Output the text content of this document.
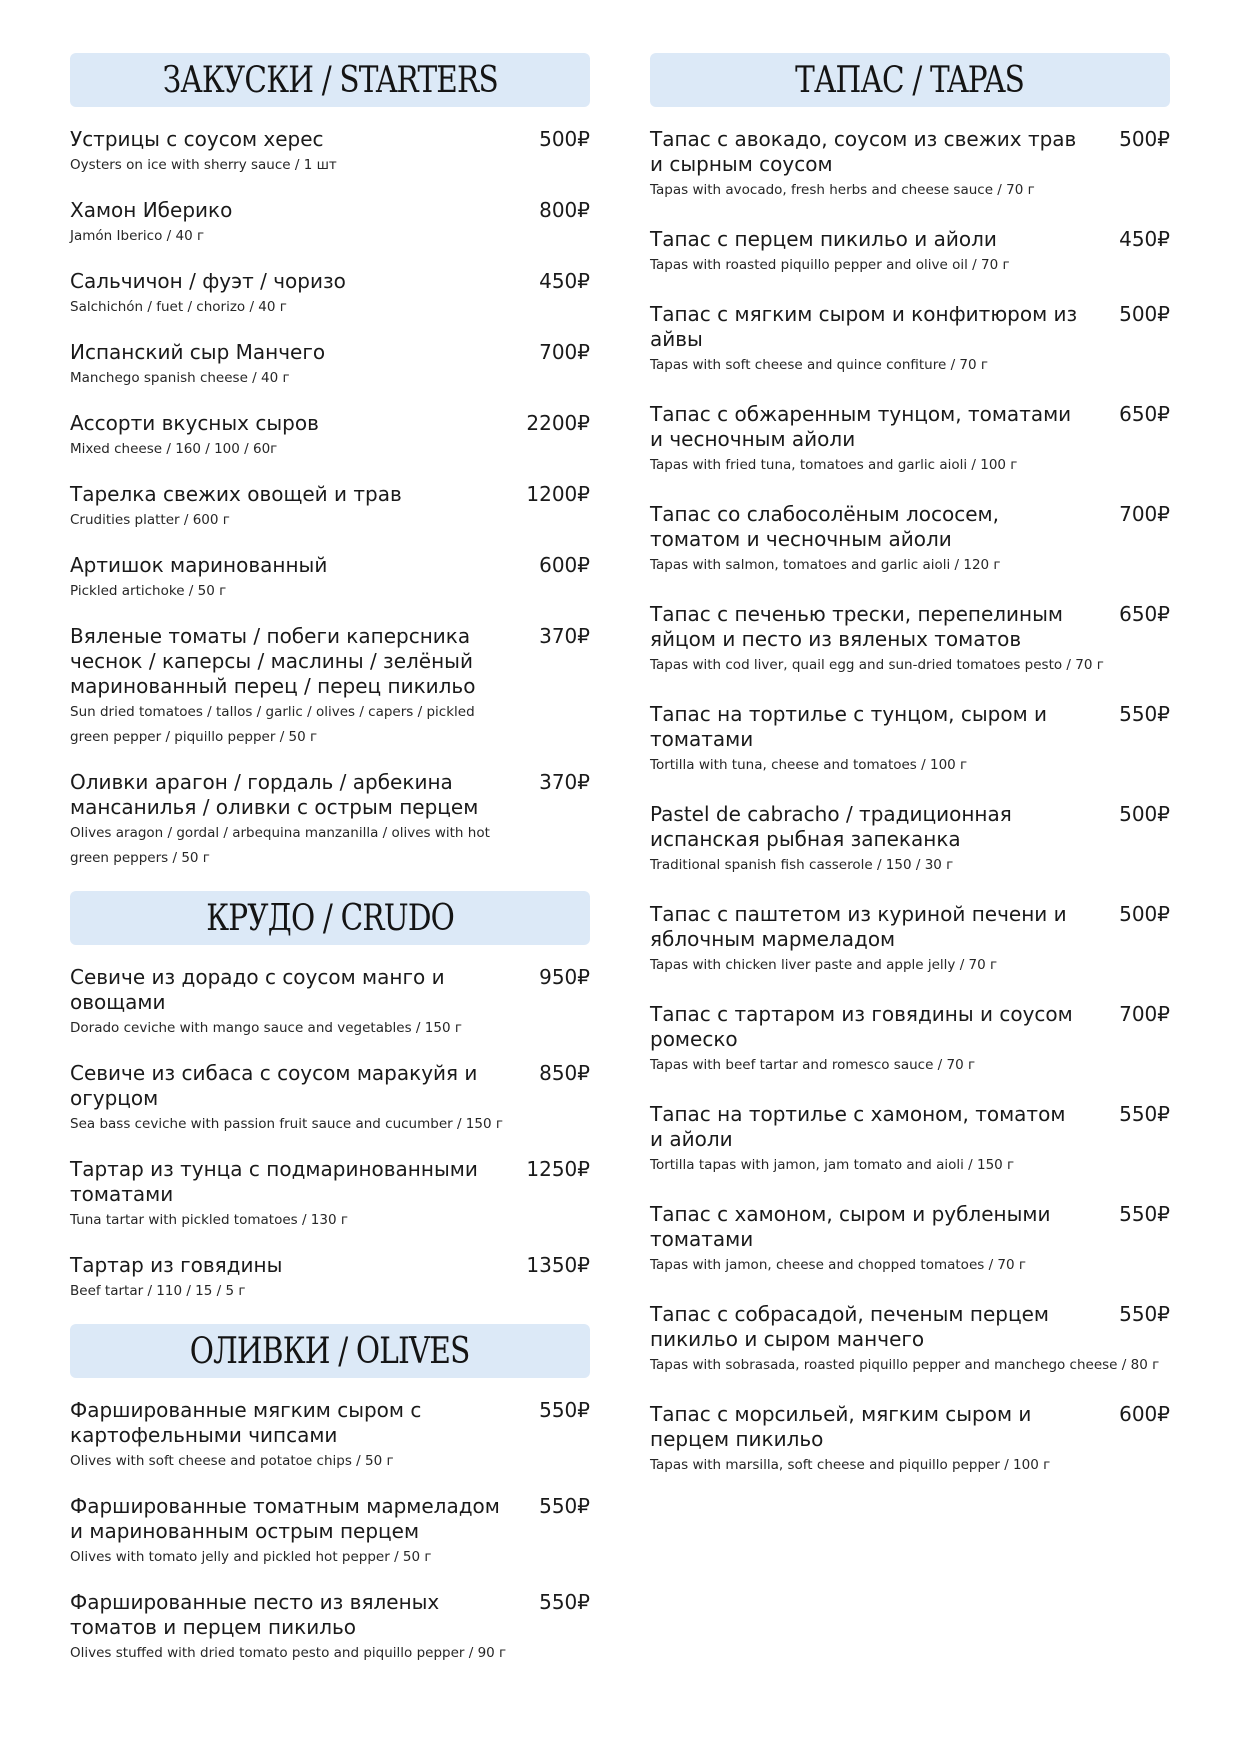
ЗАКУСКИ / STARTERS
Устрицы с соусом херес
Oysters on ice with sherry sauce / 1 шт
500₽
Хамон Иберико
Jamón Iberico / 40 г
800₽
Сальчичон / фуэт / чоризо
Salchichón / fuet / chorizo / 40 г
450₽
Испанский сыр Манчего
Manchego spanish cheese / 40 г
700₽
Ассорти вкусных сыров
Mixed cheese / 160 / 100 / 60г
2200₽
Тарелка свежих овощей и трав
Crudities platter / 600 г
1200₽
Артишок маринованный
Pickled artichoke / 50 г
600₽
Вяленые томаты / побеги каперсника чеснок / каперсы / маслины / зелёный маринованный перец / перец пикильо
Sun dried tomatoes / tallos / garlic / olives / capers / pickled green pepper / piquillo pepper / 50 г
370₽
Оливки арагон / гордаль / арбекина мансанилья / оливки с острым перцем
Olives aragon / gordal / arbequina manzanilla / olives with hot green peppers / 50 г
370₽
КРУДО / CRUDO
Севиче из дорадо с соусом манго и овощами
Dorado ceviche with mango sauce and vegetables / 150 г
950₽
Севиче из сибаса с соусом маракуйя и огурцом
Sea bass ceviche with passion fruit sauce and cucumber / 150 г
850₽
Тартар из тунца с подмаринованными томатами
Tuna tartar with pickled tomatoes / 130 г
1250₽
Тартар из говядины
Beef tartar / 110 / 15 / 5 г
1350₽
ОЛИВКИ / OLIVES
Фаршированные мягким сыром с картофельными чипсами
Olives with soft cheese and potatoe chips / 50 г
550₽
Фаршированные томатным мармеладом и маринованным острым перцем
Olives with tomato jelly and pickled hot pepper / 50 г
550₽
Фаршированные песто из вяленых томатов и перцем пикильо
Olives stuffed with dried tomato pesto and piquillo pepper / 90 г
550₽
ТАПАС / TAPAS
Тапас с авокадо, соусом из свежих трав и сырным соусом
Tapas with avocado, fresh herbs and cheese sauce / 70 г
500₽
Тапас с перцем пикильо и айоли
Tapas with roasted piquillo pepper and olive oil / 70 г
450₽
Тапас с мягким сыром и конфитюром из айвы
Tapas with soft cheese and quince confiture / 70 г
500₽
Тапас с обжаренным тунцом, томатами и чесночным айоли
Tapas with fried tuna, tomatoes and garlic aioli / 100 г
650₽
Тапас со слабосолёным лососем, томатом и чесночным айоли
Tapas with salmon, tomatoes and garlic aioli / 120 г
700₽
Тапас с печенью трески, перепелиным яйцом и песто из вяленых томатов
Tapas with cod liver, quail egg and sun-dried tomatoes pesto / 70 г
650₽
Тапас на тортилье с тунцом, сыром и томатами
Tortilla with tuna, cheese and tomatoes / 100 г
550₽
Pastel de cabracho / традиционная испанская рыбная запеканка
Traditional spanish fish casserole / 150 / 30 г
500₽
Тапас с паштетом из куриной печени и яблочным мармеладом
Tapas with chicken liver paste and apple jelly / 70 г
500₽
Тапас с тартаром из говядины и соусом ромеско
Tapas with beef tartar and romesco sauce / 70 г
700₽
Тапас на тортилье с хамоном, томатом и айоли
Tortilla tapas with jamon, jam tomato and aioli / 150 г
550₽
Тапас с хамоном, сыром и рублеными томатами
Tapas with jamon, cheese and chopped tomatoes / 70 г
550₽
Тапас с собрасадой, печеным перцем пикильо и сыром манчего
Tapas with sobrasada, roasted piquillo pepper and manchego cheese / 80 г
550₽
Тапас с морсильей, мягким сыром и перцем пикильо
Tapas with marsilla, soft cheese and piquillo pepper / 100 г
600₽
